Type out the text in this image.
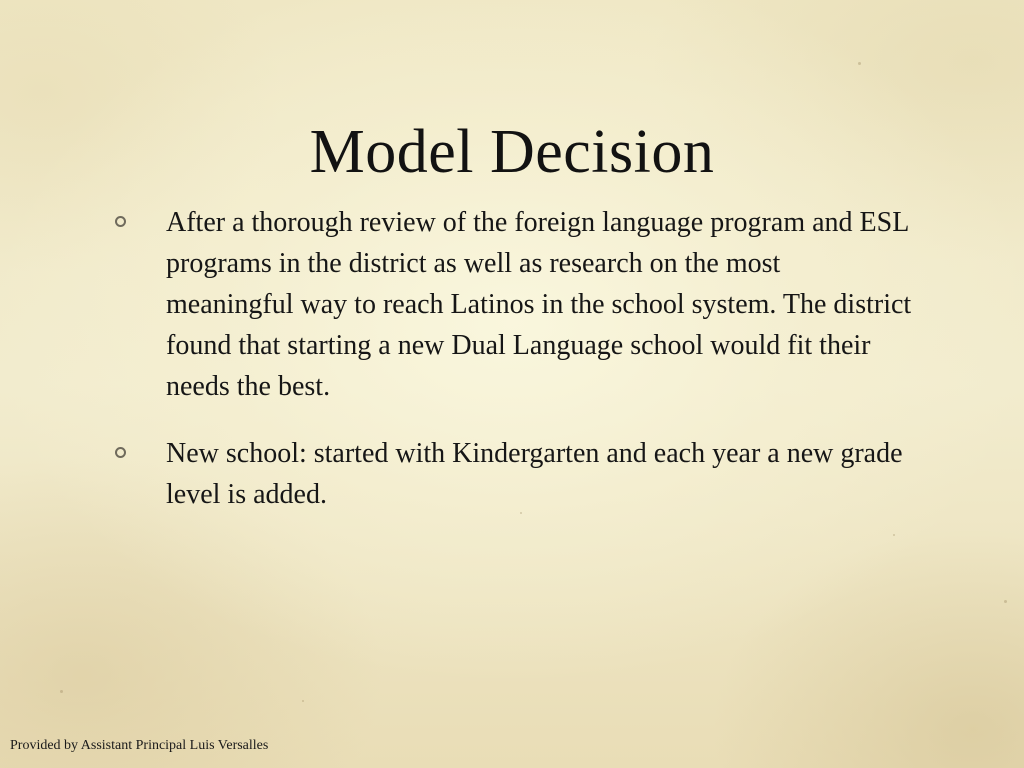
Model Decision
After a thorough review of the foreign language program and ESL programs in the district as well as research on the most meaningful way to reach Latinos in the school system. The district found that starting a new Dual Language school would fit their needs the best.
New school: started with Kindergarten and each year a new grade level is added.
Provided by Assistant Principal Luis Versalles
